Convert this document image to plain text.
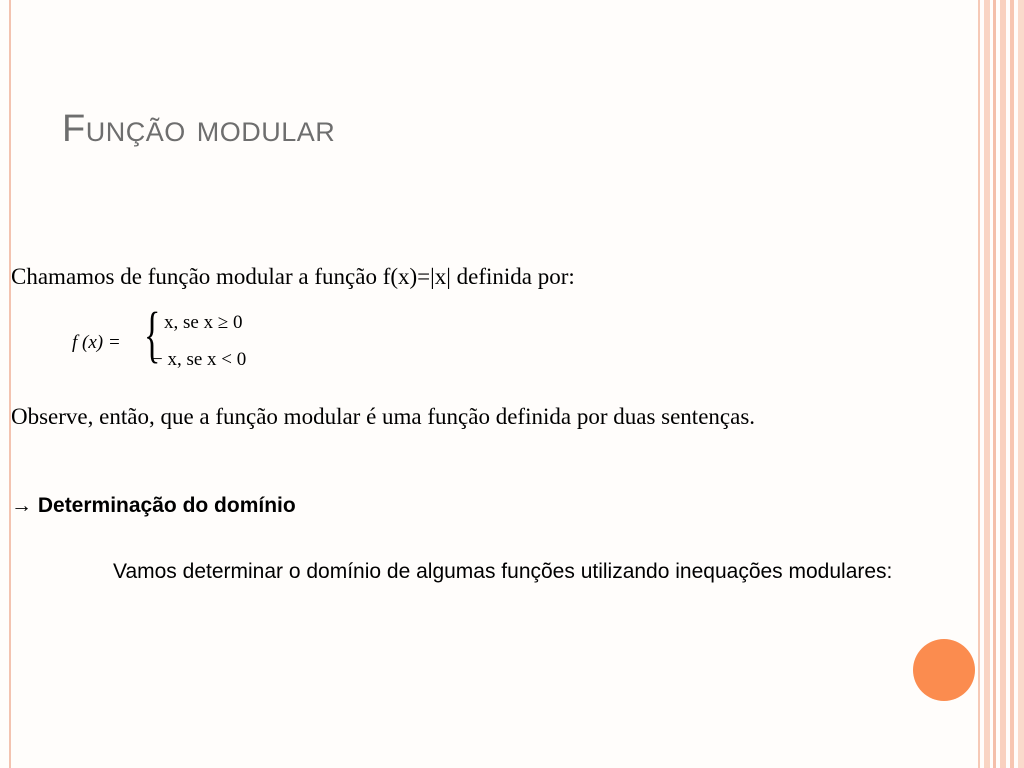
Função modular
Chamamos de função modular a função f(x)=|x| definida por:
f (x) = { x, se x ≥ 0
− x, se x < 0
Observe, então, que a função modular é uma função definida por duas sentenças.
→ Determinação do domínio
Vamos determinar o domínio de algumas funções utilizando inequações modulares:
